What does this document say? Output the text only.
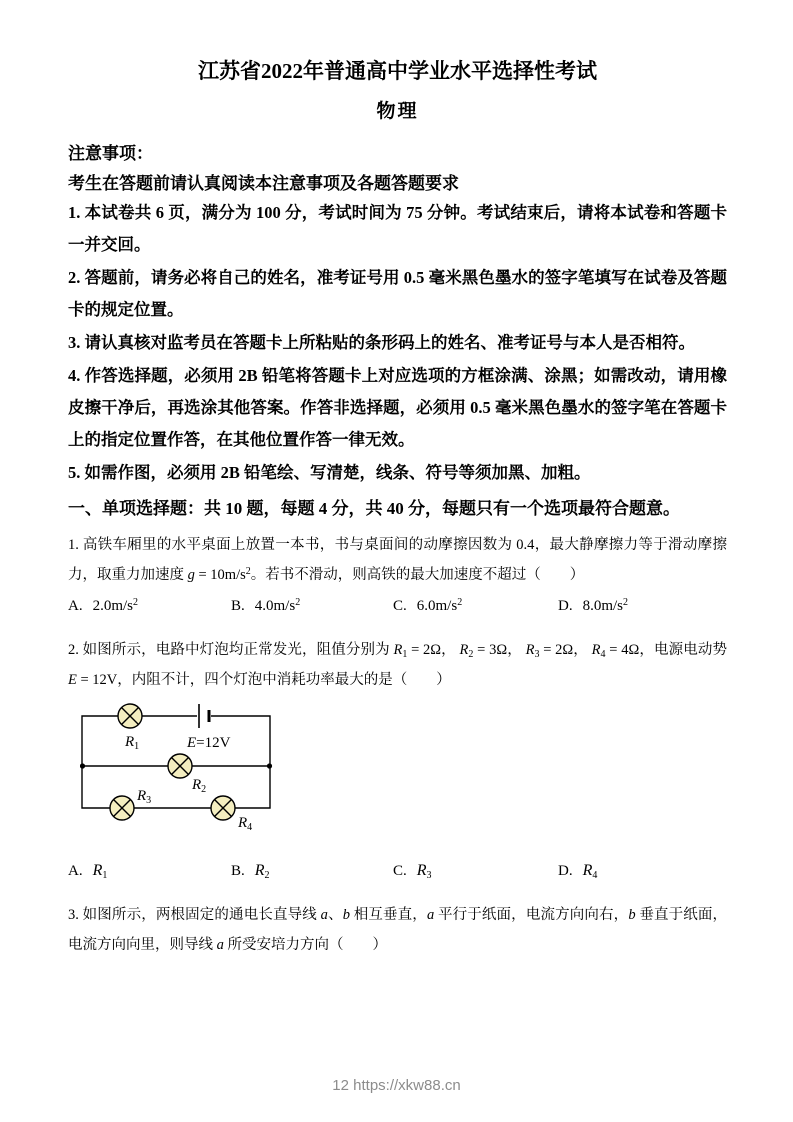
江苏省2022年普通高中学业水平选择性考试
物理

注意事项：

考生在答题前请认真阅读本注意事项及各题答题要求

1. 本试卷共 6 页，满分为 100 分，考试时间为 75 分钟。考试结束后，请将本试卷和答题卡一并交回。

2. 答题前，请务必将自己的姓名，准考证号用 0.5 毫米黑色墨水的签字笔填写在试卷及答题卡的规定位置。

3. 请认真核对监考员在答题卡上所粘贴的条形码上的姓名、准考证号与本人是否相符。

4. 作答选择题，必须用 2B 铅笔将答题卡上对应选项的方框涂满、涂黑；如需改动，请用橡皮擦干净后，再选涂其他答案。作答非选择题，必须用 0.5 毫米黑色墨水的签字笔在答题卡上的指定位置作答，在其他位置作答一律无效。

5. 如需作图，必须用 2B 铅笔绘、写清楚，线条、符号等须加黑、加粗。

一、单项选择题：共 10 题，每题 4 分，共 40 分，每题只有一个选项最符合题意。

1. 高铁车厢里的水平桌面上放置一本书，书与桌面间的动摩擦因数为 0.4，最大静摩擦力等于滑动摩擦力，取重力加速度 $g = 10m/s^2$。若书不滑动，则高铁的最大加速度不超过（　　）

A. $2.0m/s^2$	B. $4.0m/s^2$	C. $6.0m/s^2$	D. $8.0m/s^2$

2. 如图所示，电路中灯泡均正常发光，阻值分别为 $R_1 = 2\Omega$， $R_2 = 3\Omega$， $R_3 = 2\Omega$， $R_4 = 4\Omega$，电源电动势 E = 12V，内阻不计，四个灯泡中消耗功率最大的是（　　）

$R_1$	E=12V
$R_2$
$R_3$
$R_4$
A. $R_1$	B. $R_2$	C. $R_3$	D. $R_4$

3. 如图所示，两根固定的通电长直导线 a、b 相互垂直，a 平行于纸面，电流方向向右，b 垂直于纸面，电流方向向里，则导线 a 所受安培力方向（　　）

12 https://xkw88.cn
